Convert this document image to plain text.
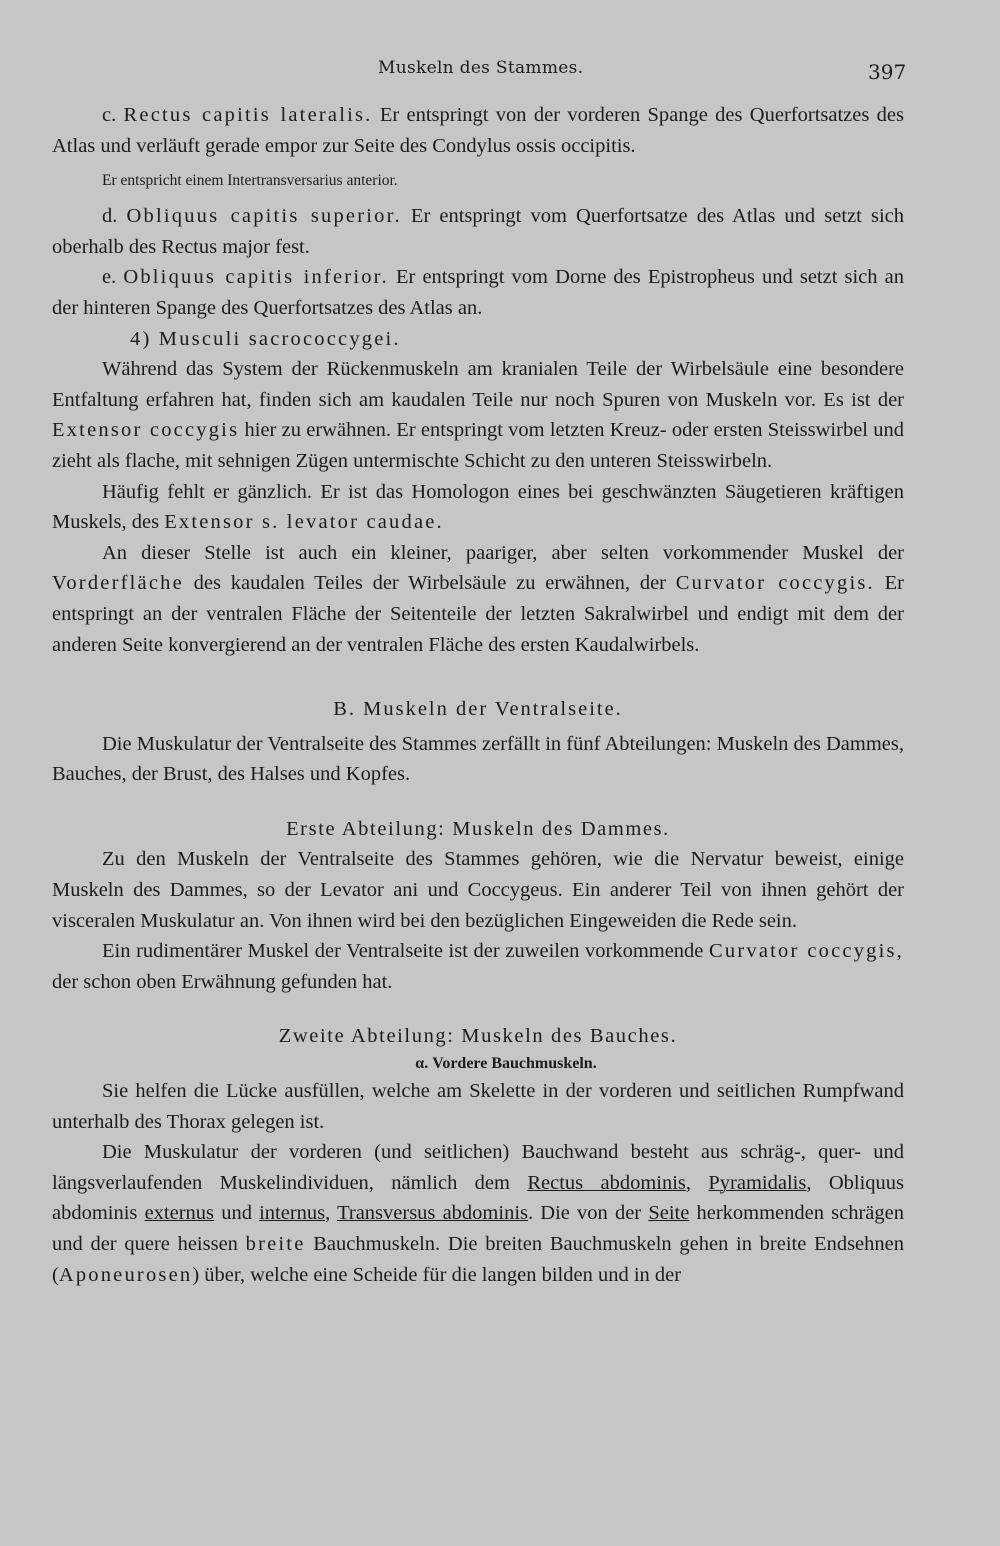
Muskeln des Stammes.	397

c. Rectus capitis lateralis. Er entspringt von der vorderen Spange des Querfortsatzes des Atlas und verläuft gerade empor zur Seite des Condylus ossis occipitis.

Er entspricht einem Intertransversarius anterior.

d. Obliquus capitis superior. Er entspringt vom Querfortsatze des Atlas und setzt sich oberhalb des Rectus major fest.

e. Obliquus capitis inferior. Er entspringt vom Dorne des Epistropheus und setzt sich an der hinteren Spange des Querfortsatzes des Atlas an.

4) Musculi sacrococcygei.

Während das System der Rückenmuskeln am kranialen Teile der Wirbelsäule eine besondere Entfaltung erfahren hat, finden sich am kaudalen Teile nur noch Spuren von Muskeln vor. Es ist der Extensor coccygis hier zu erwähnen. Er entspringt vom letzten Kreuz- oder ersten Steisswirbel und zieht als flache, mit sehnigen Zügen untermischte Schicht zu den unteren Steisswirbeln.

Häufig fehlt er gänzlich. Er ist das Homologon eines bei geschwänzten Säugetieren kräftigen Muskels, des Extensor s. levator caudae.

An dieser Stelle ist auch ein kleiner, paariger, aber selten vorkommender Muskel der Vorderfläche des kaudalen Teiles der Wirbelsäule zu erwähnen, der Curvator coccygis. Er entspringt an der ventralen Fläche der Seitenteile der letzten Sakralwirbel und endigt mit dem der anderen Seite konvergierend an der ventralen Fläche des ersten Kaudalwirbels.

B. Muskeln der Ventralseite.

Die Muskulatur der Ventralseite des Stammes zerfällt in fünf Abteilungen: Muskeln des Dammes, Bauches, der Brust, des Halses und Kopfes.

Erste Abteilung: Muskeln des Dammes.

Zu den Muskeln der Ventralseite des Stammes gehören, wie die Nervatur beweist, einige Muskeln des Dammes, so der Levator ani und Coccygeus. Ein anderer Teil von ihnen gehört der visceralen Muskulatur an. Von ihnen wird bei den bezüglichen Eingeweiden die Rede sein.

Ein rudimentärer Muskel der Ventralseite ist der zuweilen vorkommende Curvator coccygis, der schon oben Erwähnung gefunden hat.

Zweite Abteilung: Muskeln des Bauches.

α. Vordere Bauchmuskeln.

Sie helfen die Lücke ausfüllen, welche am Skelette in der vorderen und seitlichen Rumpfwand unterhalb des Thorax gelegen ist.

Die Muskulatur der vorderen (und seitlichen) Bauchwand besteht aus schräg-, quer- und längsverlaufenden Muskelindividuen, nämlich dem Rectus abdominis, Pyramidalis, Obliquus abdominis externus und internus, Transversus abdominis. Die von der Seite herkommenden schrägen und der quere heissen breite Bauchmuskeln. Die breiten Bauchmuskeln gehen in breite Endsehnen (Aponeurosen) über, welche eine Scheide für die langen bilden und in der
